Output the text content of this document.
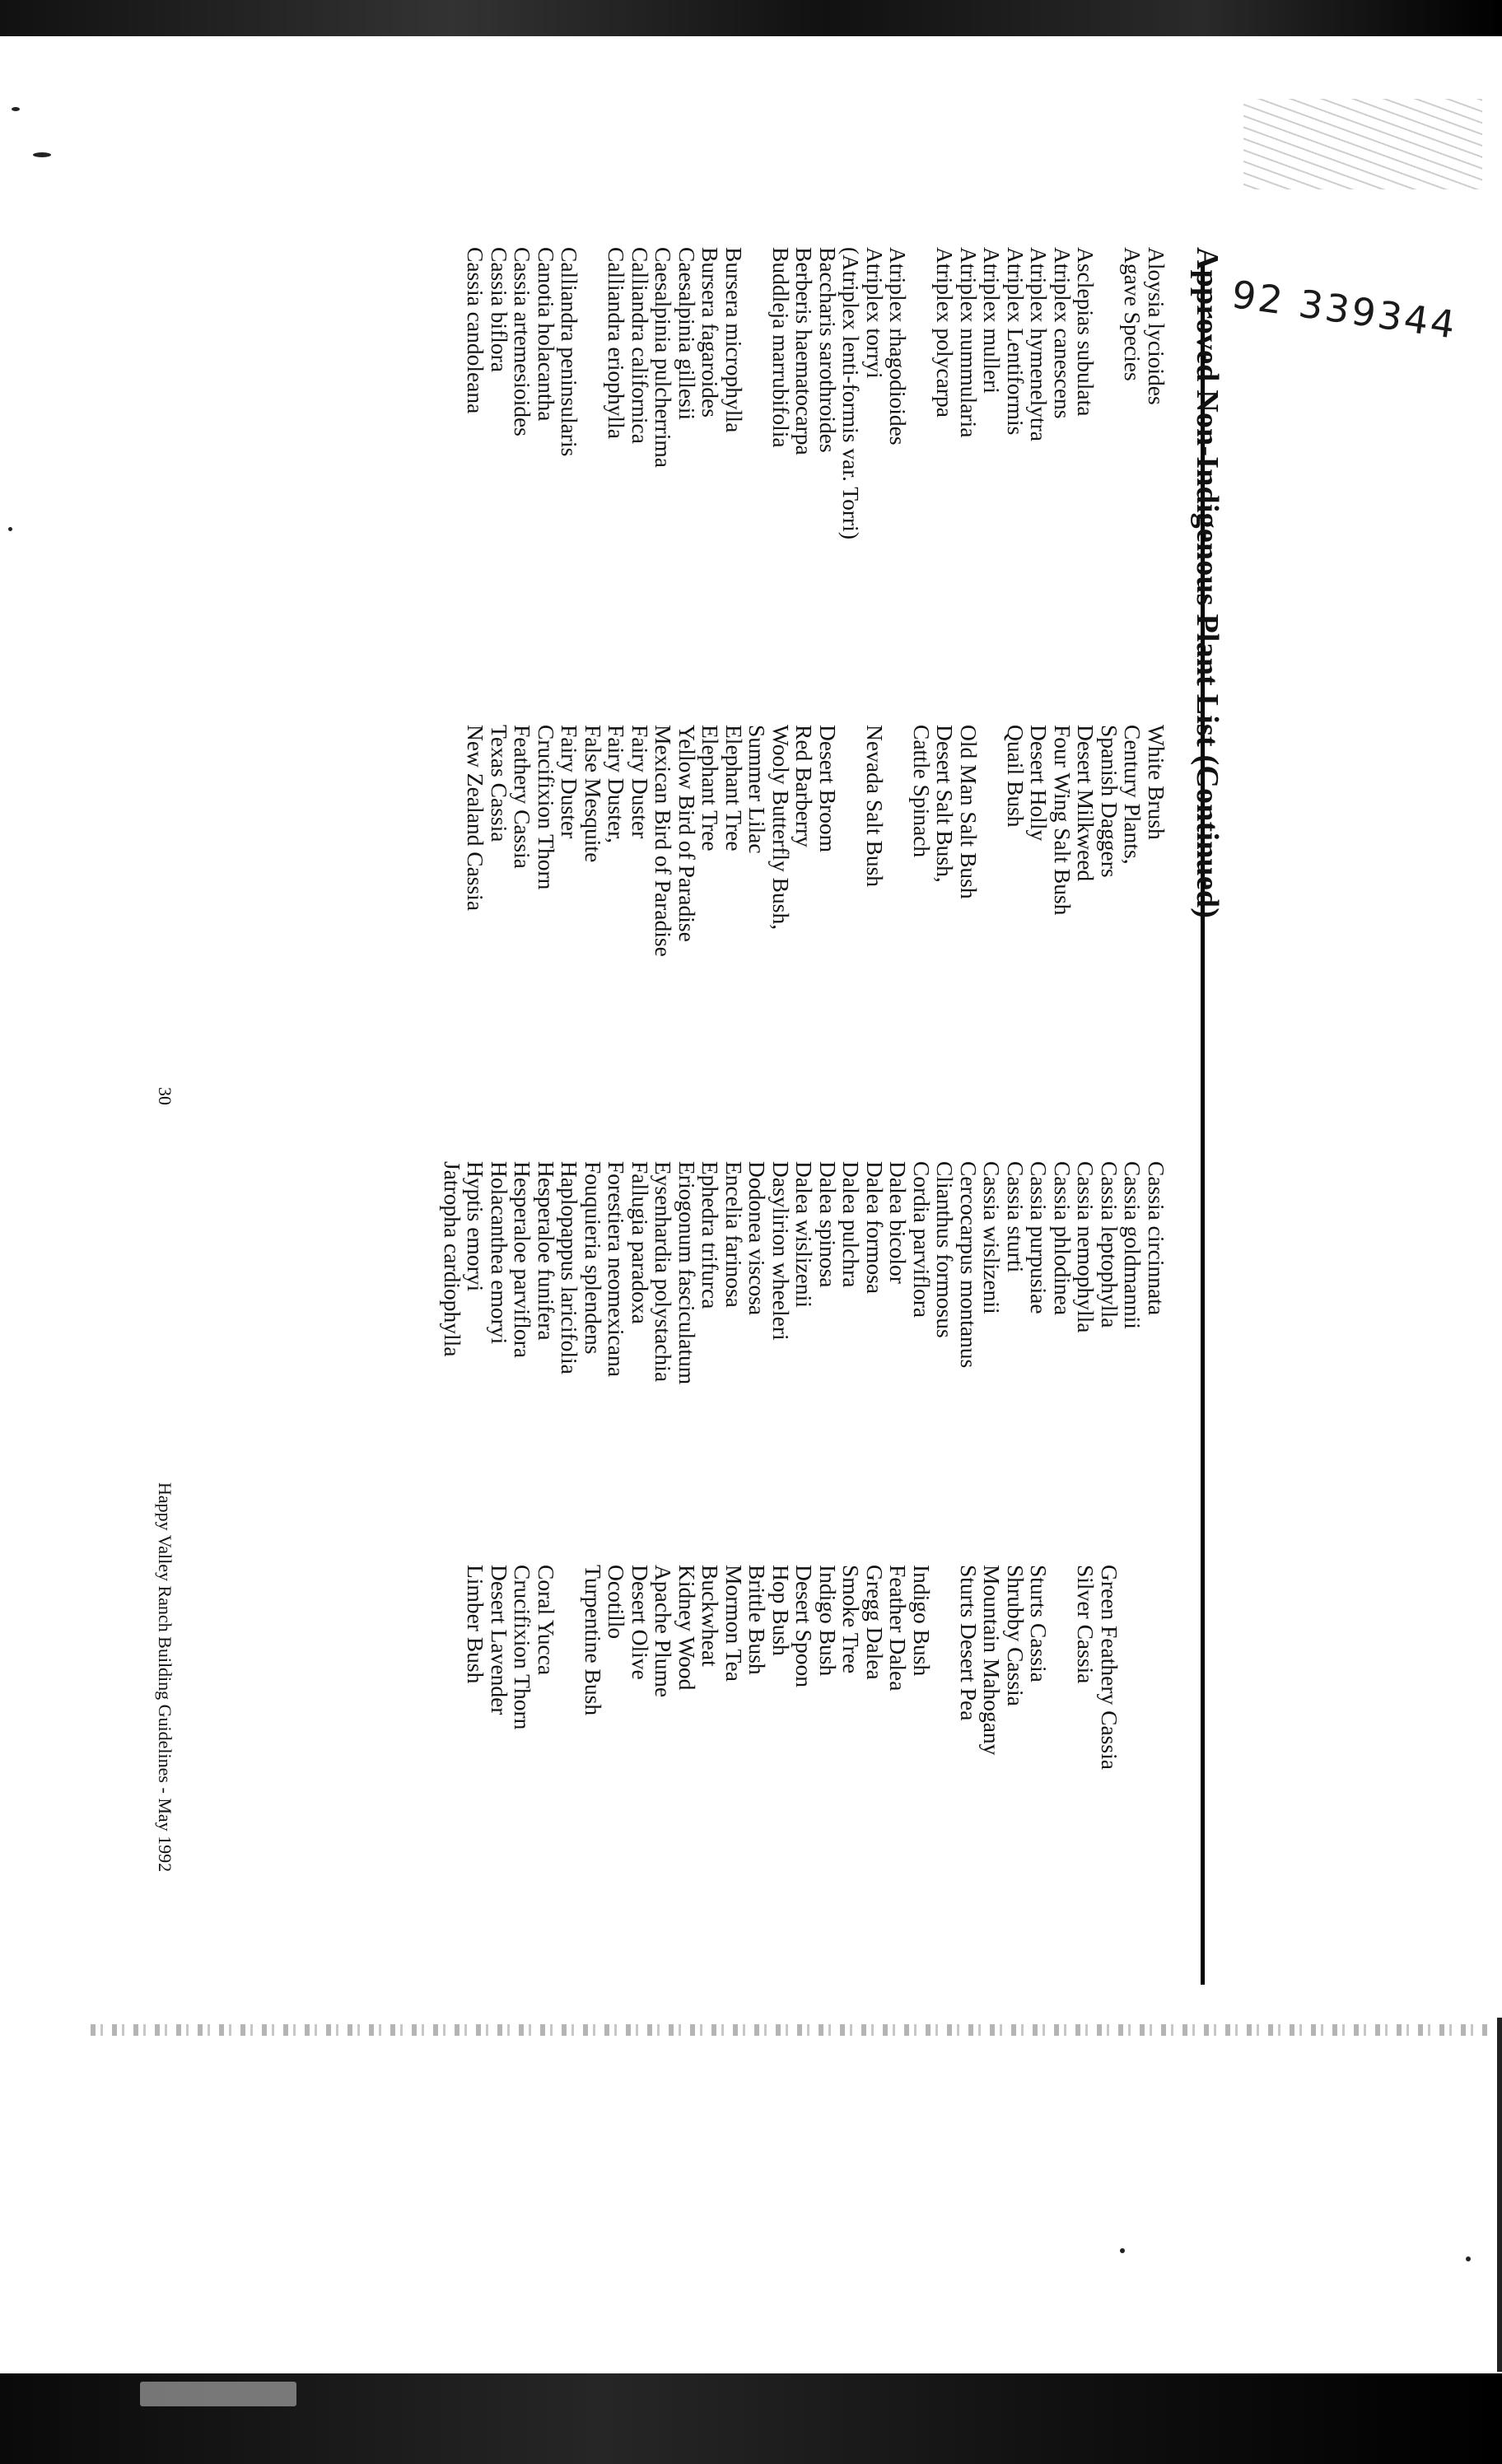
92 339344

Approved Non-Indigenous Plant List (Continued)
Aloysia lycioides
Agave Species
Asclepias subulata
Atriplex canescens
Atriplex hymenelytra
Atriplex Lentiformis
Atriplex mulleri
Atriplex nummularia
Atriplex polycarpa
Atriplex rhagodioides
Atriplex torryi
(Atriplex lenti-formis var. Torri)
Baccharis sarothroides
Berberis haematocarpa
Buddleja marrubifolia
Bursera microphylla
Bursera fagaroides
Caesalpinia gillesii
Caesalpinia pulcherrima
Calliandra californica
Calliandra eriophylla
Calliandra peninsularis
Canotia holacantha
Cassia artemesioides
Cassia biflora
Cassia candoleana
White Brush
Century Plants,
Spanish Daggers
Desert Milkweed
Four Wing Salt Bush
Desert Holly
Quail Bush
Old Man Salt Bush
Desert Salt Bush,
Cattle Spinach
Nevada Salt Bush
Desert Broom
Red Barberry
Wooly Butterfly Bush,
Summer Lilac
Elephant Tree
Elephant Tree
Yellow Bird of Paradise
Mexican Bird of Paradise
Fairy Duster
Fairy Duster,
False Mesquite
Fairy Duster
Crucifixion Thorn
Feathery Cassia
Texas Cassia
New Zealand Cassia
Cassia circinnata
Cassia goldmannii
Cassia leptophylla
Cassia nemophylla
Cassia phlodinea
Cassia purpusiae
Cassia sturti
Cassia wislizenii
Cercocarpus montanus
Clianthus formosus
Cordia parviflora
Dalea bicolor
Dalea formosa
Dalea pulchra
Dalea spinosa
Dalea wislizenii
Dasylirion wheeleri
Dodonea viscosa
Encelia farinosa
Ephedra trifurca
Eriogonum fasciculatum
Eysenhardia polystachia
Fallugia paradoxa
Forestiera neomexicana
Fouquieria splendens
Haplopappus laricifolia
Hesperaloe funifera
Hesperaloe parviflora
Holacanthea emoryi
Hyptis emoryi
Jatropha cardiophylla
Green Feathery Cassia
Silver Cassia
Sturts Cassia
Shrubby Cassia
Mountain Mahogany
Sturts Desert Pea
Indigo Bush
Feather Dalea
Gregg Dalea
Smoke Tree
Indigo Bush
Desert Spoon
Hop Bush
Brittle Bush
Mormon Tea
Buckwheat
Kidney Wood
Apache Plume
Desert Olive
Ocotillo
Turpentine Bush
Coral Yucca
Crucifixion Thorn
Desert Lavender
Limber Bush

30

Happy Valley Ranch Building Guidelines - May 1992
